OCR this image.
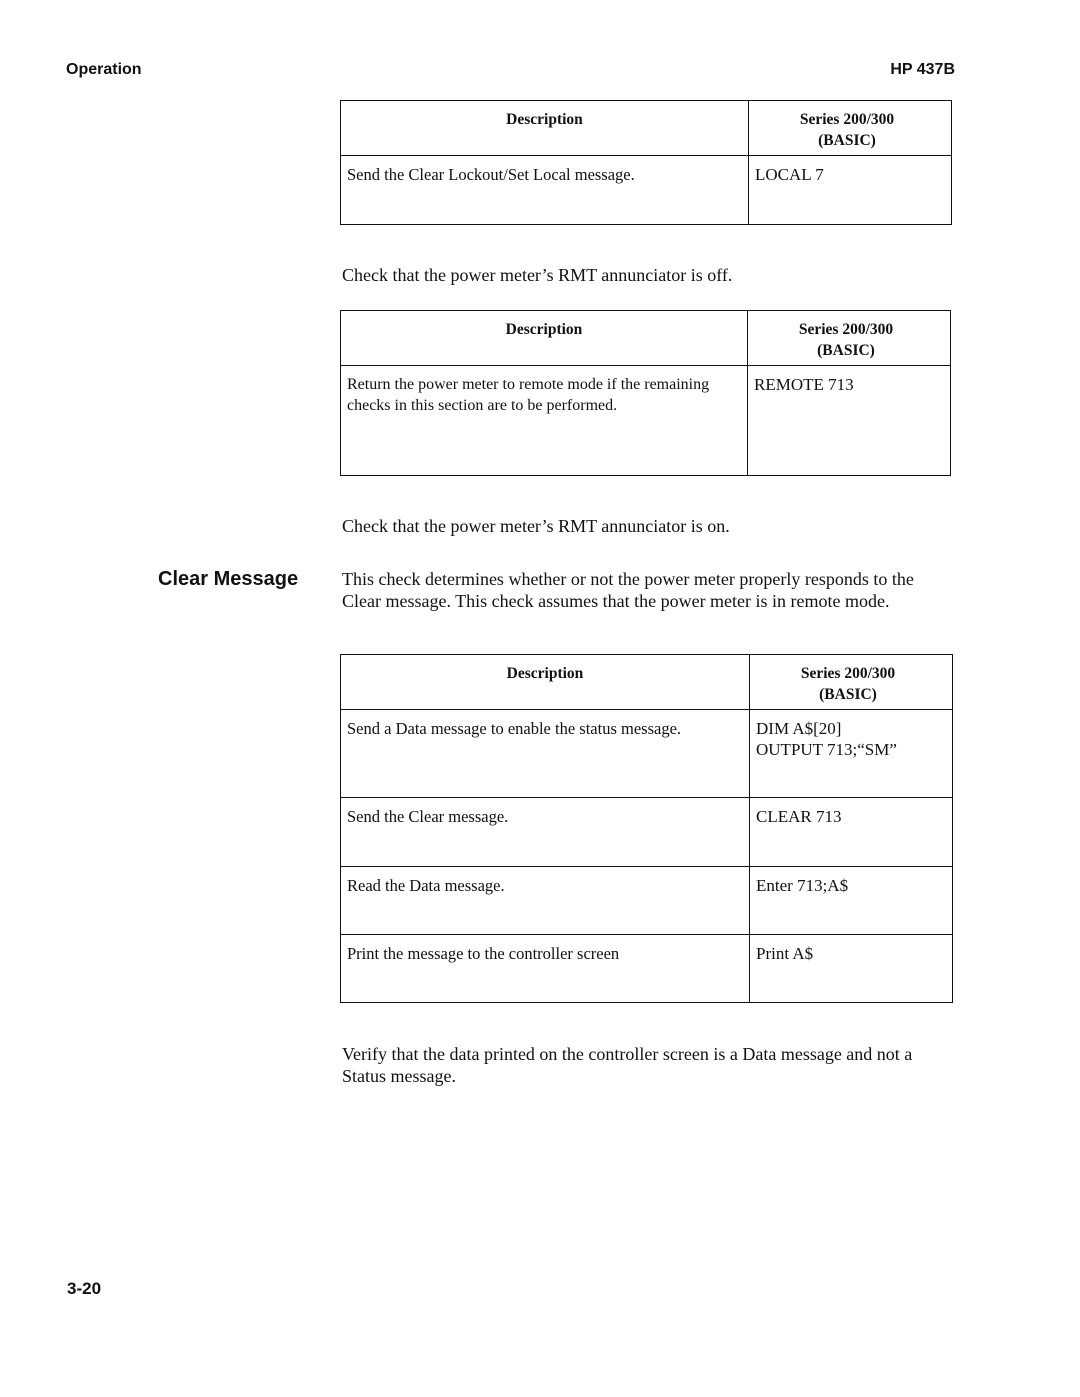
Operation	HP 437B
Description	Series 200/300
(BASIC)
Send the Clear Lockout/Set Local message.	LOCAL 7
Check that the power meter’s RMT annunciator is off.
Description	Series 200/300
(BASIC)
Return the power meter to remote mode if the remaining checks in this section are to be performed.	REMOTE 713
Check that the power meter’s RMT annunciator is on.
Clear Message This check determines whether or not the power meter properly responds to the Clear message. This check assumes that the power meter is in remote mode.
Description	Series 200/300
(BASIC)
Send a Data message to enable the status message.	DIM A$[20]
OUTPUT 713;“SM”
Send the Clear message.	CLEAR 713
Read the Data message.	Enter 713;A$
Print the message to the controller screen	Print A$
Verify that the data printed on the controller screen is a Data message and not a Status message.
3-20
